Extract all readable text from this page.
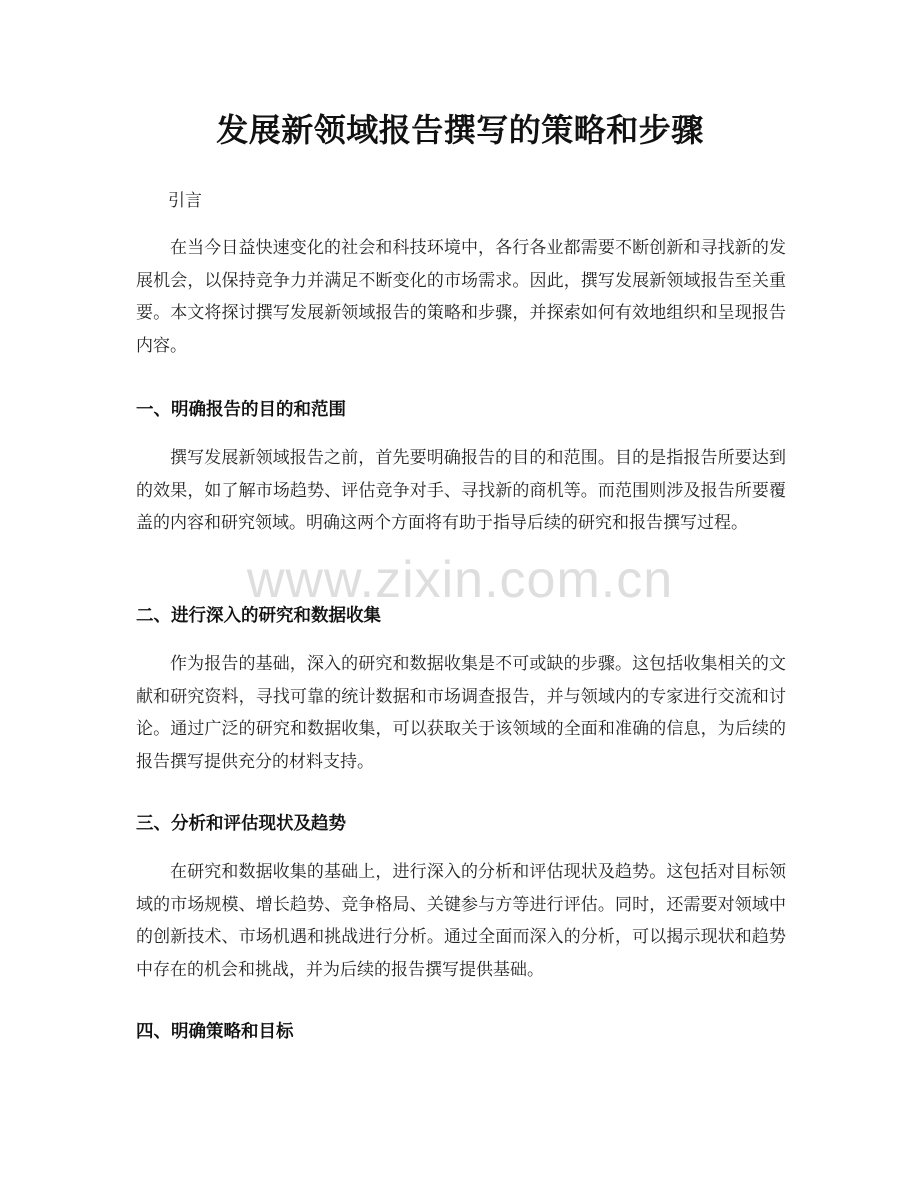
发展新领域报告撰写的策略和步骤
引言

在当今日益快速变化的社会和科技环境中，各行各业都需要不断创新和寻找新的发展机会，以保持竞争力并满足不断变化的市场需求。因此，撰写发展新领域报告至关重要。本文将探讨撰写发展新领域报告的策略和步骤，并探索如何有效地组织和呈现报告内容。

一、明确报告的目的和范围

撰写发展新领域报告之前，首先要明确报告的目的和范围。目的是指报告所要达到的效果，如了解市场趋势、评估竞争对手、寻找新的商机等。而范围则涉及报告所要覆盖的内容和研究领域。明确这两个方面将有助于指导后续的研究和报告撰写过程。

二、进行深入的研究和数据收集

作为报告的基础，深入的研究和数据收集是不可或缺的步骤。这包括收集相关的文献和研究资料，寻找可靠的统计数据和市场调查报告，并与领域内的专家进行交流和讨论。通过广泛的研究和数据收集，可以获取关于该领域的全面和准确的信息，为后续的报告撰写提供充分的材料支持。

三、分析和评估现状及趋势

在研究和数据收集的基础上，进行深入的分析和评估现状及趋势。这包括对目标领域的市场规模、增长趋势、竞争格局、关键参与方等进行评估。同时，还需要对领域中的创新技术、市场机遇和挑战进行分析。通过全面而深入的分析，可以揭示现状和趋势中存在的机会和挑战，并为后续的报告撰写提供基础。

四、明确策略和目标
www.zixin.com.cn
